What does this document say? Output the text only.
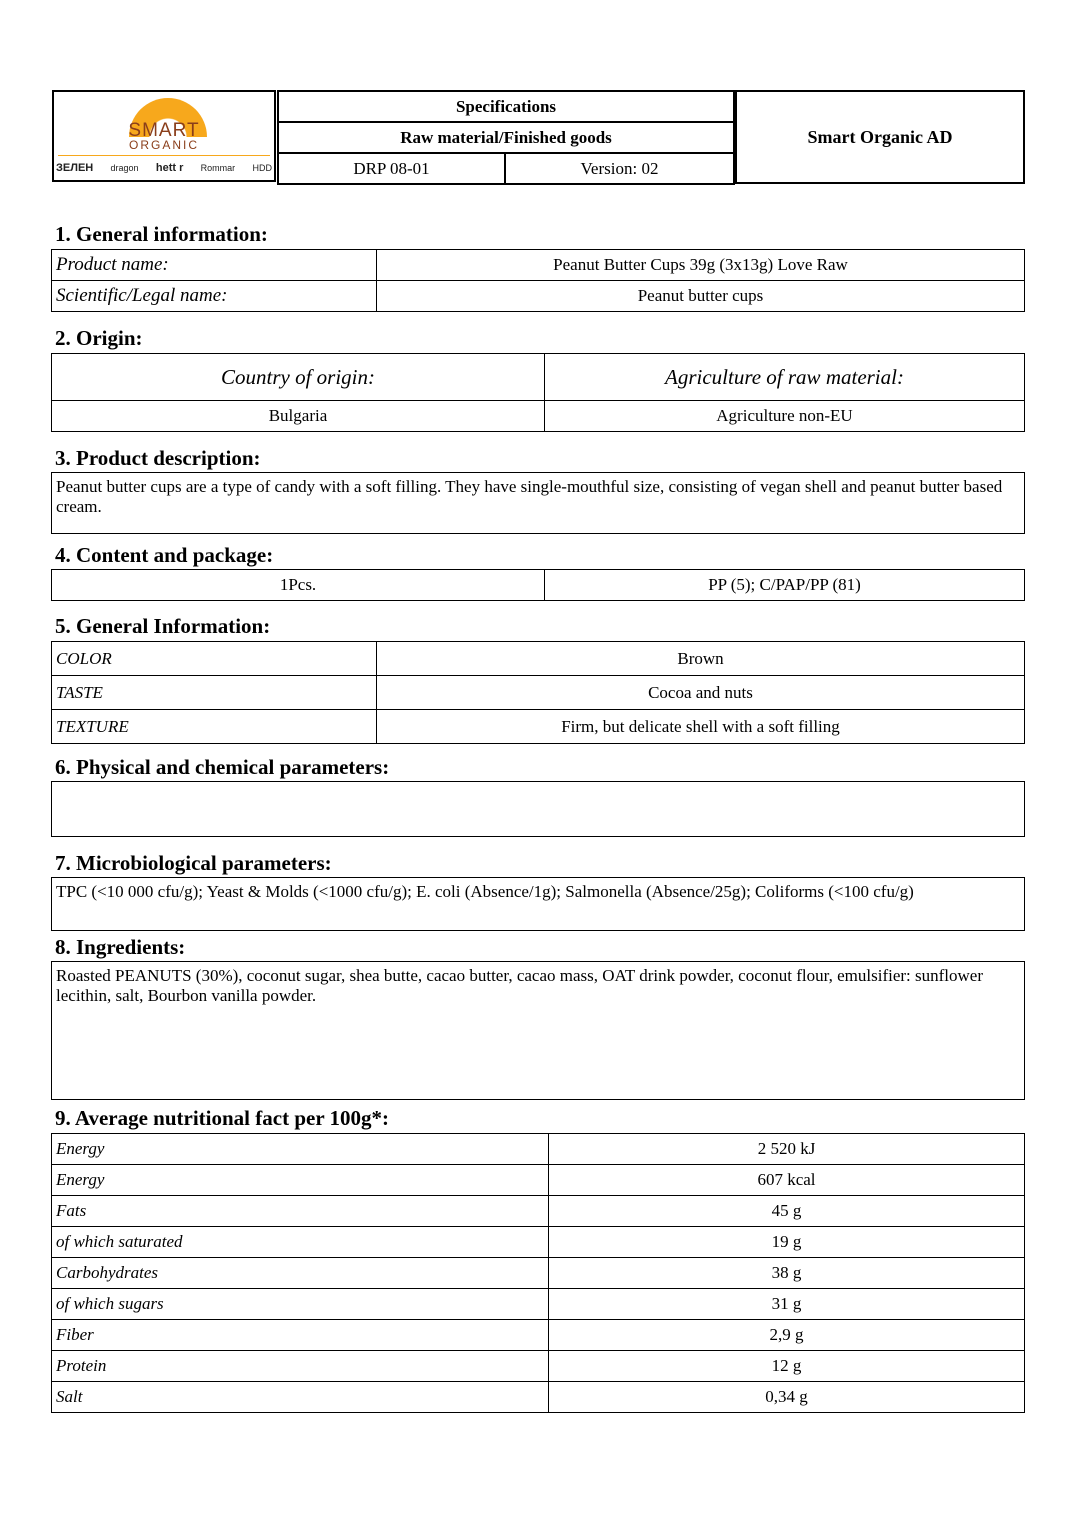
SMART
ORGANIC
ЗЕЛЕН dragon hett r Rommar HDD
Specifications
Raw material/Finished goods
DRP 08-01	Version: 02
Smart Organic AD
1. General information:
Product name:	Peanut Butter Cups 39g (3x13g) Love Raw
Scientific/Legal name:	Peanut butter cups
2. Origin:
Country of origin:	Agriculture of raw material:
Bulgaria	Agriculture non-EU
3. Product description:
Peanut butter cups are a type of candy with a soft filling. They have single-mouthful size, consisting of vegan shell and peanut butter based cream.
4. Content and package:
1Pcs.	PP (5); C/PAP/PP (81)
5. General Information:
COLOR	Brown
TASTE	Cocoa and nuts
TEXTURE	Firm, but delicate shell with a soft filling
6. Physical and chemical parameters:
7. Microbiological parameters:
TPC (<10 000 cfu/g); Yeast & Molds (<1000 cfu/g); E. coli (Absence/1g); Salmonella (Absence/25g); Coliforms (<100 cfu/g)
8. Ingredients:
Roasted PEANUTS (30%), coconut sugar, shea butte, cacao butter, cacao mass, OAT drink powder, coconut flour, emulsifier: sunflower lecithin, salt, Bourbon vanilla powder.
9. Average nutritional fact per 100g*:
Energy	2 520 kJ
Energy	607 kcal
Fats	45 g
of which saturated	19 g
Carbohydrates	38 g
of which sugars	31 g
Fiber	2,9 g
Protein	12 g
Salt	0,34 g
